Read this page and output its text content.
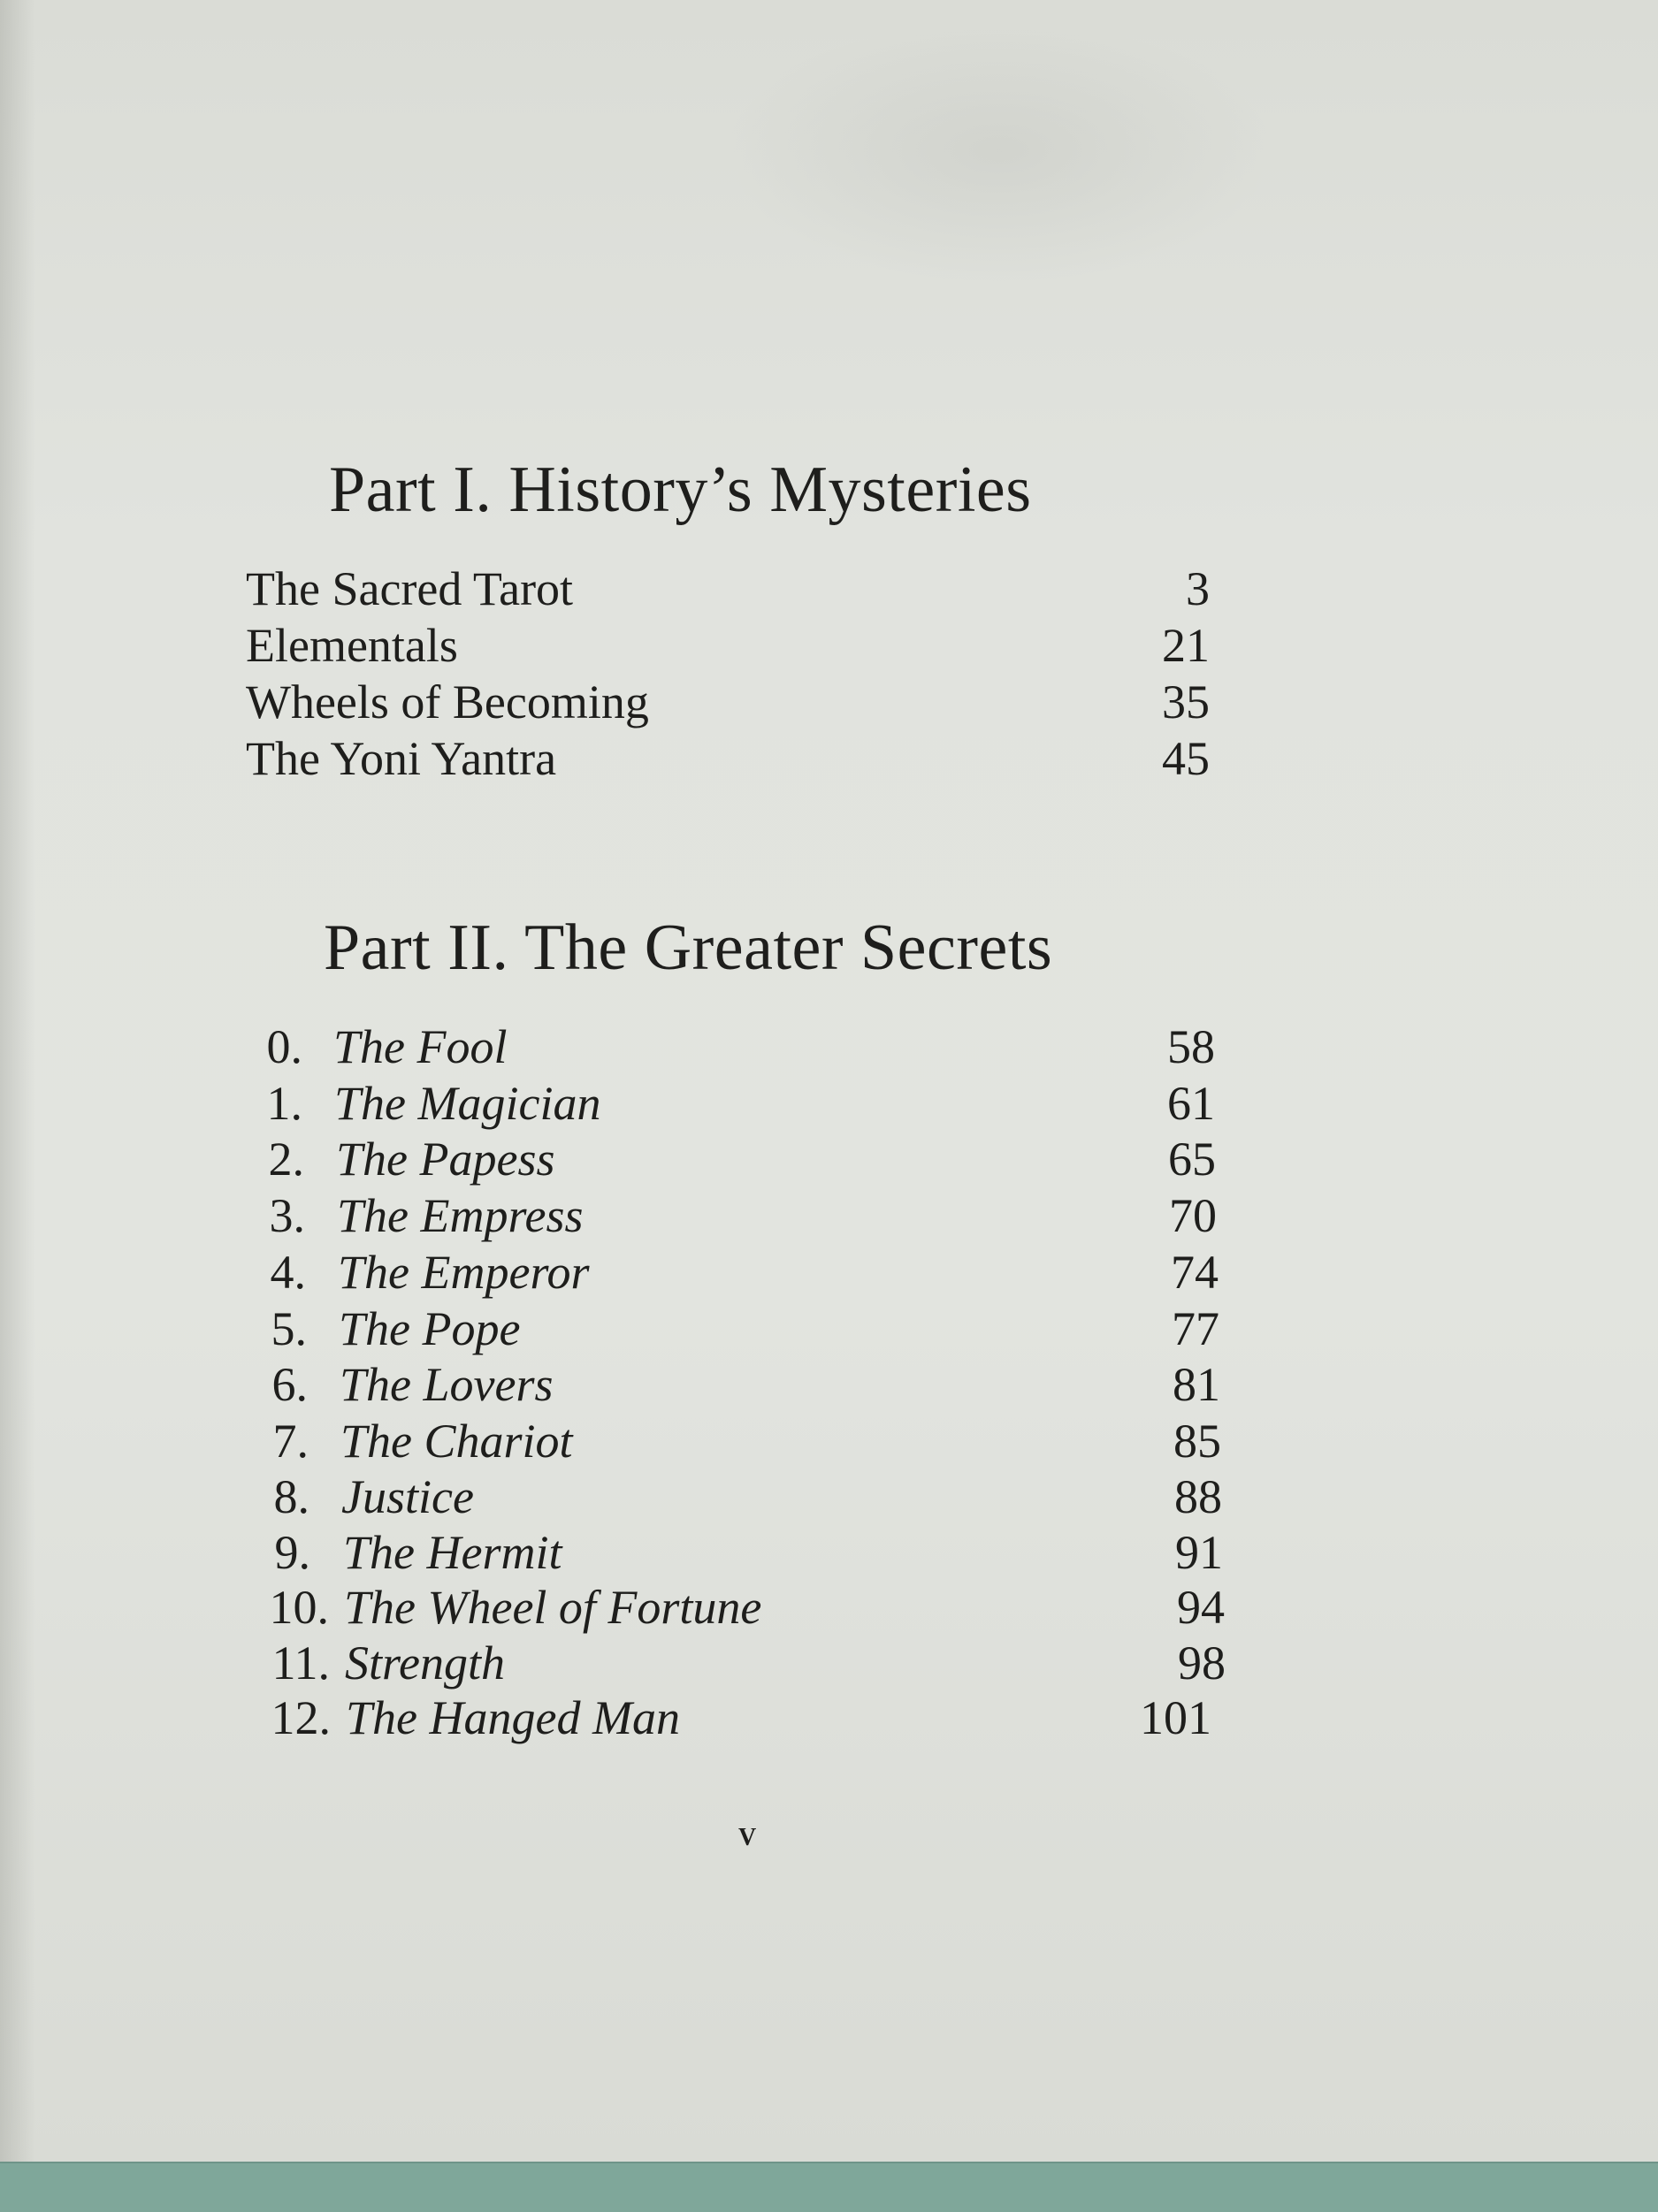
Part I. History’s Mysteries
The Sacred Tarot	3
Elementals	21
Wheels of Becoming	35
The Yoni Yantra	45
Part II. The Greater Secrets
0. The Fool	58
1. The Magician	61
2. The Papess	65
3. The Empress	70
4. The Emperor	74
5. The Pope	77
6. The Lovers	81
7. The Chariot	85
8. Justice	88
9. The Hermit	91
10. The Wheel of Fortune	94
11. Strength	98
12. The Hanged Man	101
v
